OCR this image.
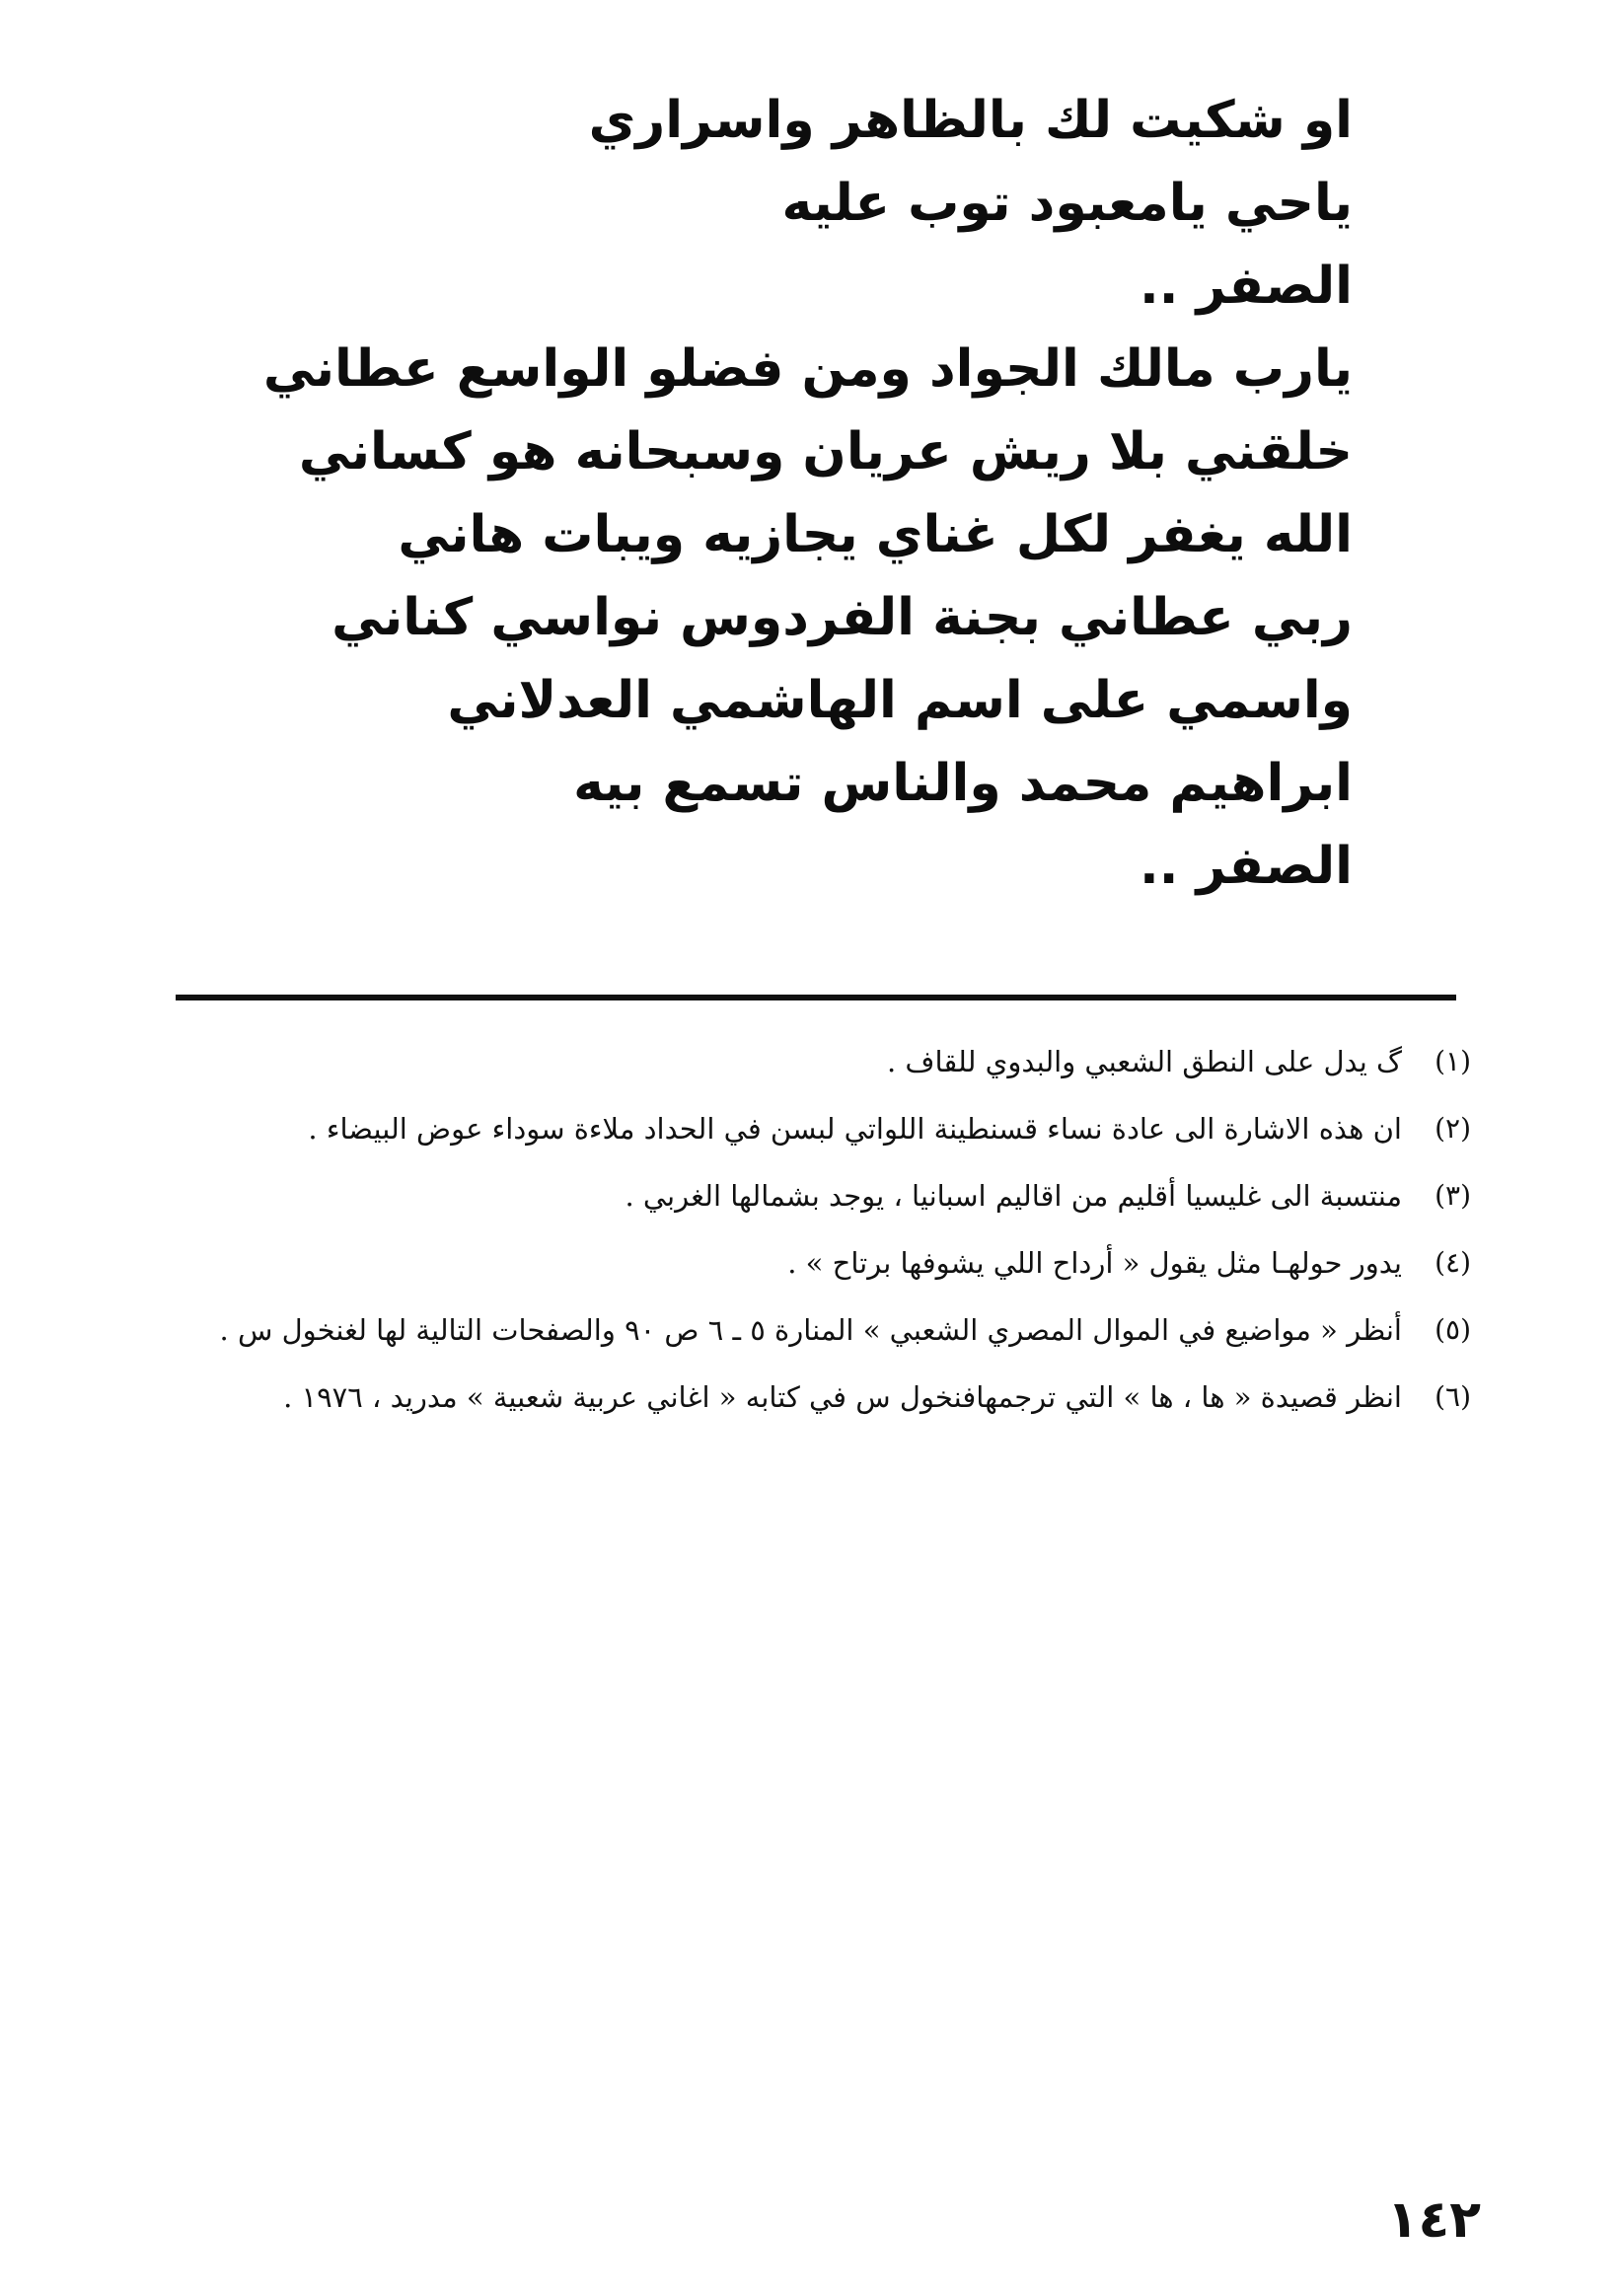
او شكيت لك بالظاهر واسراري
ياحي يامعبود توب عليه
الصفر ..
يارب مالك الجواد ومن فضلو الواسع عطاني
خلقني بلا ريش عريان وسبحانه هو كساني
الله يغفر لكل غناي يجازيه ويبات هاني
ربي عطاني بجنة الفردوس نواسي كناني
واسمي على اسم الهاشمي العدلاني
ابراهيم محمد والناس تسمع بيه
الصفر ..
(١)
گ يدل على النطق الشعبي والبدوي للقاف .
(٢)
ان هذه الاشارة الى عادة نساء قسنطينة اللواتي لبسن في الحداد ملاءة سوداء عوض البيضاء .
(٣)
منتسبة الى غليسيا أقليم من اقاليم اسبانيا ، يوجد بشمالها الغربي .
(٤)
يدور حولهـا مثل يقول « أرداح اللي يشوفها برتاح » .
(٥)
أنظر « مواضيع في الموال المصري الشعبي » المنارة ٥ ـ ٦ ص ٩٠ والصفحات التالية لها لغنخول س .
(٦)
انظر قصيدة « ها ، ها » التي ترجمهافنخول س في كتابه « اغاني عربية شعبية » مدريد ، ١٩٧٦ .
١٤٢
